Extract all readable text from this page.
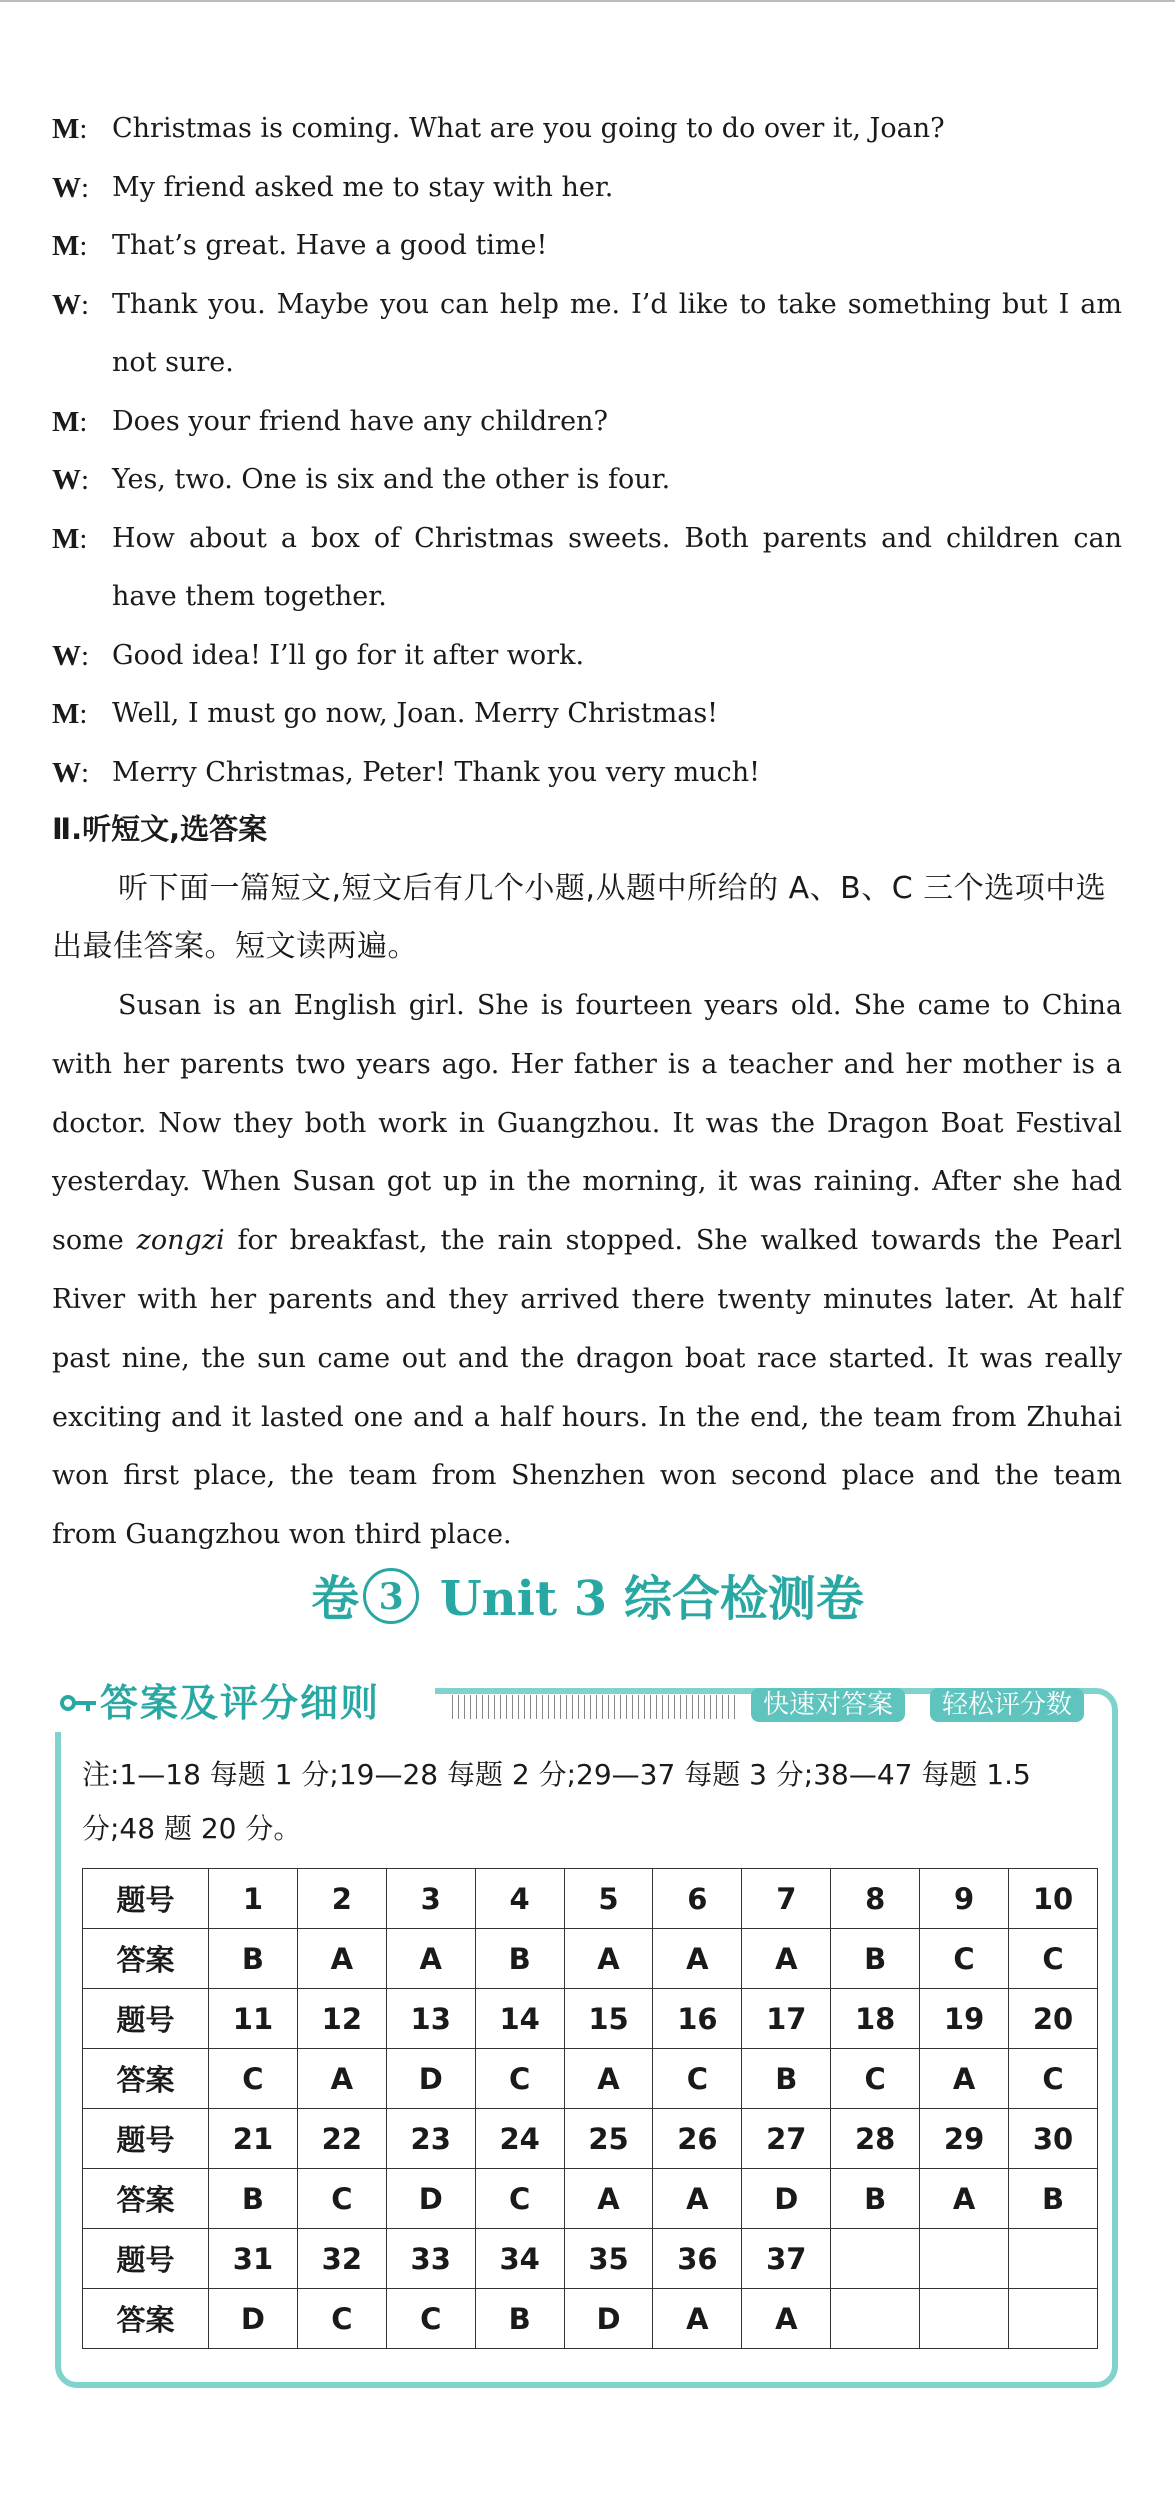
M: Christmas is coming. What are you going to do over it, Joan?
W: My friend asked me to stay with her.
M: That’s great. Have a good time!
W: Thank you. Maybe you can help me. I’d like to take something but I am not sure.
M: Does your friend have any children?
W: Yes, two. One is six and the other is four.
M: How about a box of Christmas sweets. Both parents and children can have them together.
W: Good idea! I’ll go for it after work.
M: Well, I must go now, Joan. Merry Christmas!
W: Merry Christmas, Peter! Thank you very much!
Ⅱ.听短文,选答案
听下面一篇短文,短文后有几个小题,从题中所给的 A、B、C 三个选项中选出最佳答案。短文读两遍。
Susan is an English girl. She is fourteen years old. She came to China with her parents two years ago. Her father is a teacher and her mother is a doctor. Now they both work in Guangzhou. It was the Dragon Boat Festival yesterday. When Susan got up in the morning, it was raining. After she had some zongzi for breakfast, the rain stopped. She walked towards the Pearl River with her parents and they arrived there twenty minutes later. At half past nine, the sun came out and the dragon boat race started. It was really exciting and it lasted one and a half hours. In the end, the team from Zhuhai won first place, the team from Shenzhen won second place and the team from Guangzhou won third place.
卷 3 Unit 3 综合检测卷
答案及评分细则	快速对答案	轻松评分数
注:1—18 每题 1 分;19—28 每题 2 分;29—37 每题 3 分;38—47 每题 1.5 分;48 题 20 分。
题号	1	2	3	4	5	6	7	8	9	10
答案	B	A	A	B	A	A	A	B	C	C
题号	11	12	13	14	15	16	17	18	19	20
答案	C	A	D	C	A	C	B	C	A	C
题号	21	22	23	24	25	26	27	28	29	30
答案	B	C	D	C	A	A	D	B	A	B
题号	31	32	33	34	35	36	37			
答案	D	C	C	B	D	A	A			
